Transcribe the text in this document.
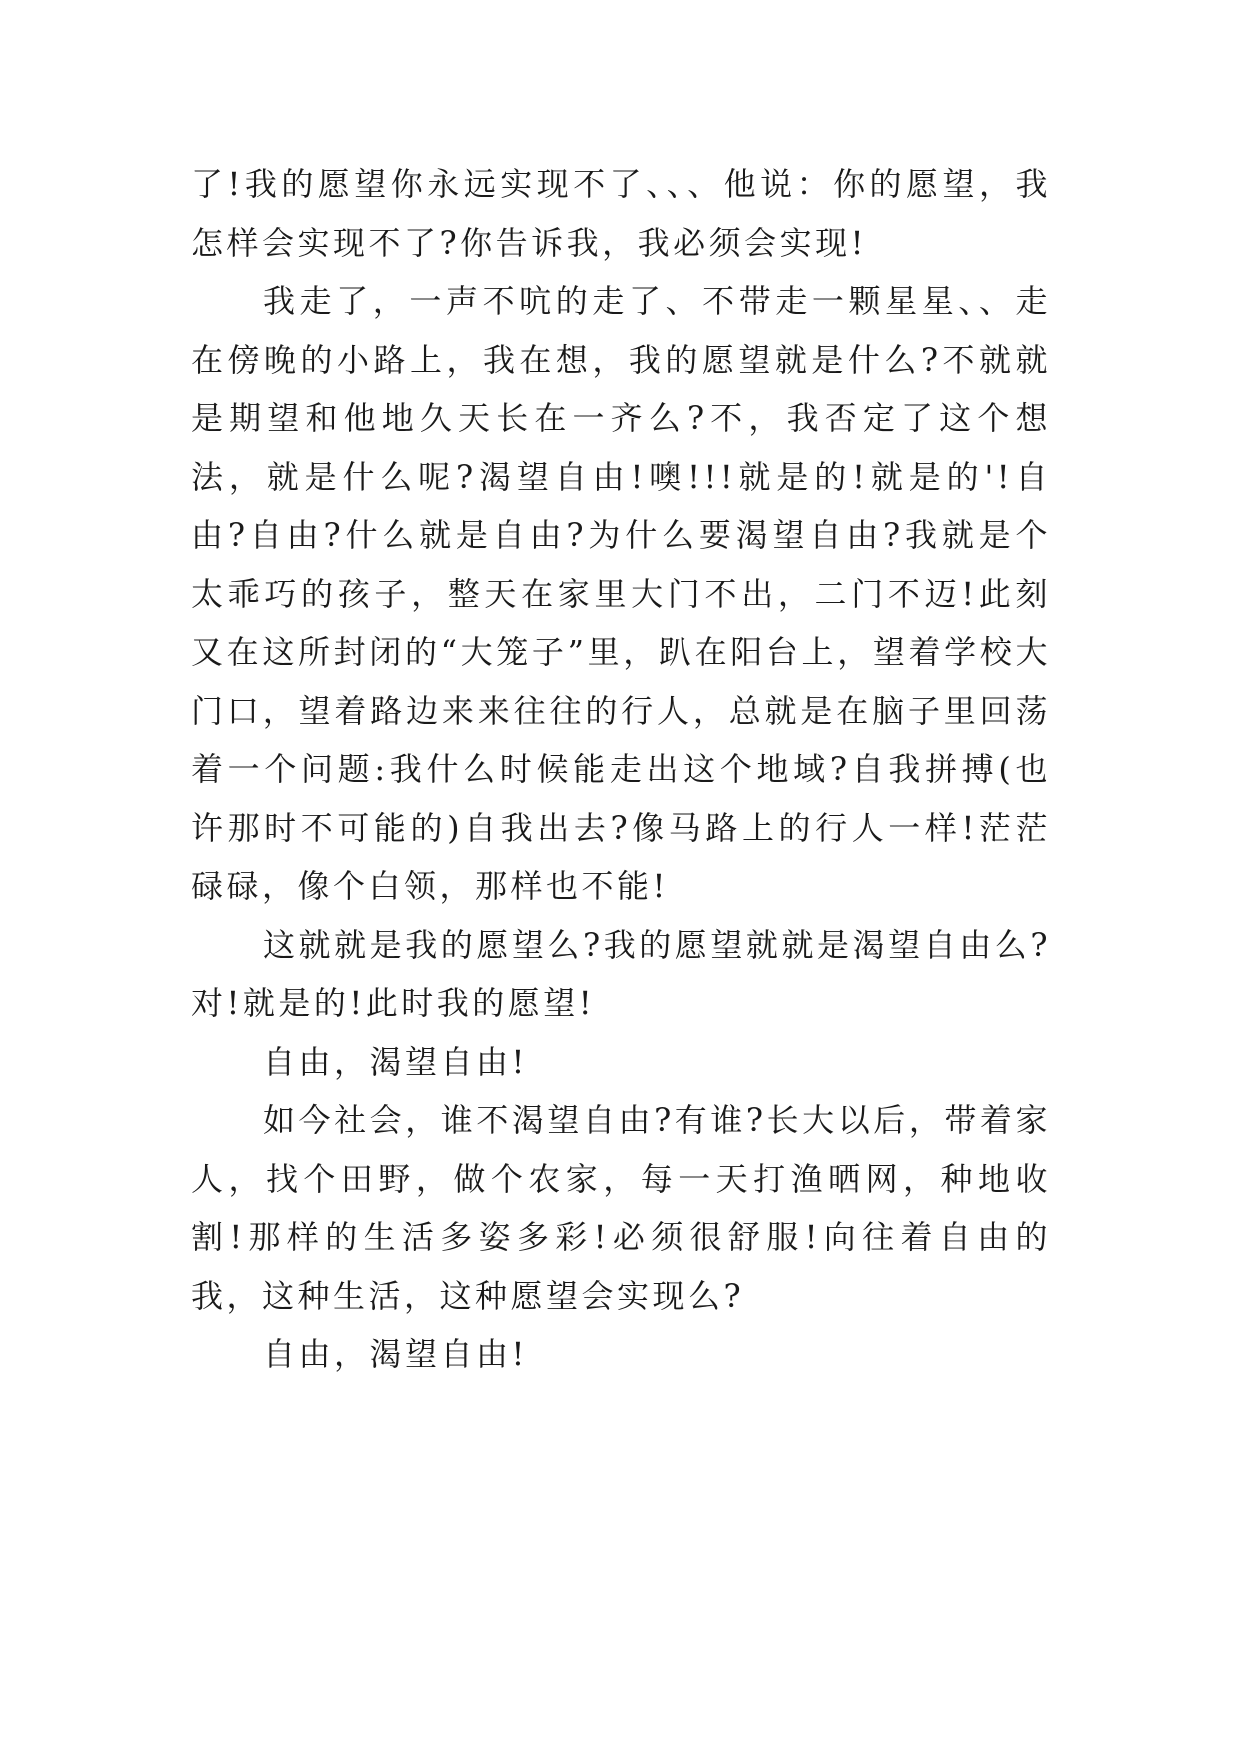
了!我的愿望你永远实现不了、、、他说：你的愿望，我怎样会实现不了?你告诉我，我必须会实现!

我走了，一声不吭的走了、不带走一颗星星、、走在傍晚的小路上，我在想，我的愿望就是什么?不就就是期望和他地久天长在一齐么?不，我否定了这个想法，就是什么呢?渴望自由!噢!!!就是的!就是的'!自由?自由?什么就是自由?为什么要渴望自由?我就是个太乖巧的孩子，整天在家里大门不出，二门不迈!此刻又在这所封闭的“大笼子”里，趴在阳台上，望着学校大门口，望着路边来来往往的行人，总就是在脑子里回荡着一个问题:我什么时候能走出这个地域?自我拼搏(也许那时不可能的)自我出去?像马路上的行人一样!茫茫碌碌，像个白领，那样也不能!

这就就是我的愿望么?我的愿望就就是渴望自由么?对!就是的!此时我的愿望!

自由，渴望自由!

如今社会，谁不渴望自由?有谁?长大以后，带着家人，找个田野，做个农家，每一天打渔晒网，种地收割!那样的生活多姿多彩!必须很舒服!向往着自由的我，这种生活，这种愿望会实现么?

自由，渴望自由!
